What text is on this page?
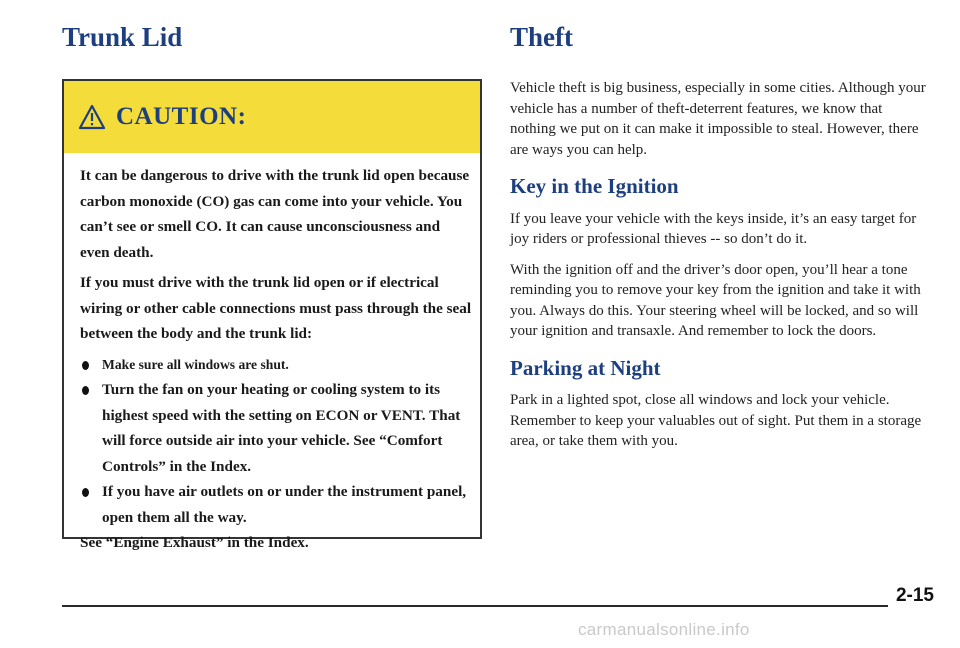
Trunk Lid	Theft
CAUTION:

It can be dangerous to drive with the trunk lid open because carbon monoxide (CO) gas can come into your vehicle. You can’t see or smell CO. It can cause unconsciousness and even death.

If you must drive with the trunk lid open or if electrical wiring or other cable connections must pass through the seal between the body and the trunk lid:

Make sure all windows are shut.
Turn the fan on your heating or cooling system to its highest speed with the setting on ECON or VENT. That will force outside air into your vehicle. See “Comfort Controls” in the Index.
If you have air outlets on or under the instrument panel, open them all the way.

See “Engine Exhaust” in the Index.

Vehicle theft is big business, especially in some cities. Although your vehicle has a number of theft-deterrent features, we know that nothing we put on it can make it impossible to steal. However, there are ways you can help.

Key in the Ignition

If you leave your vehicle with the keys inside, it’s an easy target for joy riders or professional thieves -- so don’t do it.

With the ignition off and the driver’s door open, you’ll hear a tone reminding you to remove your key from the ignition and take it with you. Always do this. Your steering wheel will be locked, and so will your ignition and transaxle. And remember to lock the doors.

Parking at Night

Park in a lighted spot, close all windows and lock your vehicle. Remember to keep your valuables out of sight. Put them in a storage area, or take them with you.

2-15
carmanualsonline.info
